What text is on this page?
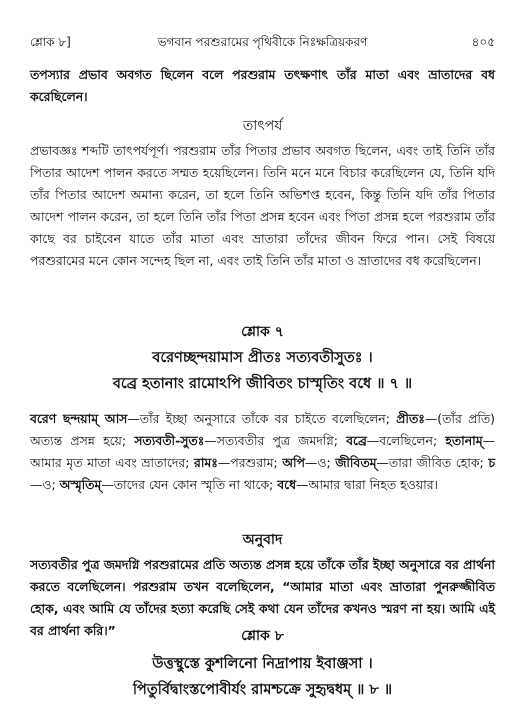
শ্লোক ৮]	ভগবান পরশুরামের পৃথিবীকে নিঃক্ষত্রিয়করণ	৪০৫
তপস্যার প্রভাব অবগত ছিলেন বলে পরশুরাম তৎক্ষণাৎ তাঁর মাতা এবং ভ্রাতাদের বধ করেছিলেন।
তাৎপর্য
প্রভাবজ্ঞঃ শব্দটি তাৎপর্যপূর্ণ। পরশুরাম তাঁর পিতার প্রভাব অবগত ছিলেন, এবং তাই তিনি তাঁর পিতার আদেশ পালন করতে সম্মত হয়েছিলেন। তিনি মনে মনে বিচার করেছিলেন যে, তিনি যদি তাঁর পিতার আদেশ অমান্য করেন, তা হলে তিনি অভিশপ্ত হবেন, কিন্তু তিনি যদি তাঁর পিতার আদেশ পালন করেন, তা হলে তিনি তাঁর পিতা প্রসন্ন হবেন এবং পিতা প্রসন্ন হলে পরশুরাম তাঁর কাছে বর চাইবেন যাতে তাঁর মাতা এবং ভ্রাতারা তাঁদের জীবন ফিরে পান। সেই বিষয়ে পরশুরামের মনে কোন সন্দেহ ছিল না, এবং তাই তিনি তাঁর মাতা ও ভ্রাতাদের বধ করেছিলেন।
শ্লোক ৭
বরেণচ্ছন্দয়ামাস প্রীতঃ সত্যবতীসুতঃ ।
বব্রে হতানাং রামোঽপি জীবিতং চাস্মৃতিং বধে ॥ ৭ ॥
বরেণ ছন্দয়াম্ আস—তাঁর ইচ্ছা অনুসারে তাঁকে বর চাইতে বলেছিলেন; প্রীতঃ—(তাঁর প্রতি) অত্যন্ত প্রসন্ন হয়ে; সত্যবতী-সুতঃ—সত্যবতীর পুত্র জমদগ্নি; বব্রে—বলেছিলেন; হতানাম্—আমার মৃত মাতা এবং ভ্রাতাদের; রামঃ—পরশুরাম; অপি—ও; জীবিতম্—তারা জীবিত হোক; চ—ও; অস্মৃতিম্—তাদের যেন কোন স্মৃতি না থাকে; বধে—আমার দ্বারা নিহত হওয়ার।
অনুবাদ
সত্যবতীর পুত্র জমদগ্নি পরশুরামের প্রতি অত্যন্ত প্রসন্ন হয়ে তাঁকে তাঁর ইচ্ছা অনুসারে বর প্রার্থনা করতে বলেছিলেন। পরশুরাম তখন বলেছিলেন, “আমার মাতা এবং ভ্রাতারা পুনরুজ্জীবিত হোক, এবং আমি যে তাঁদের হত্যা করেছি সেই কথা যেন তাঁদের কখনও স্মরণ না হয়। আমি এই বর প্রার্থনা করি।”	শ্লোক ৮
উত্তস্থুস্তে কুশলিনো নিদ্রাপায় ইবাঞ্জসা ।
পিতুর্বিদ্বাংস্তপোবীর্যং রামশ্চক্রে সুহৃদ্বধম্ ॥ ৮ ॥
